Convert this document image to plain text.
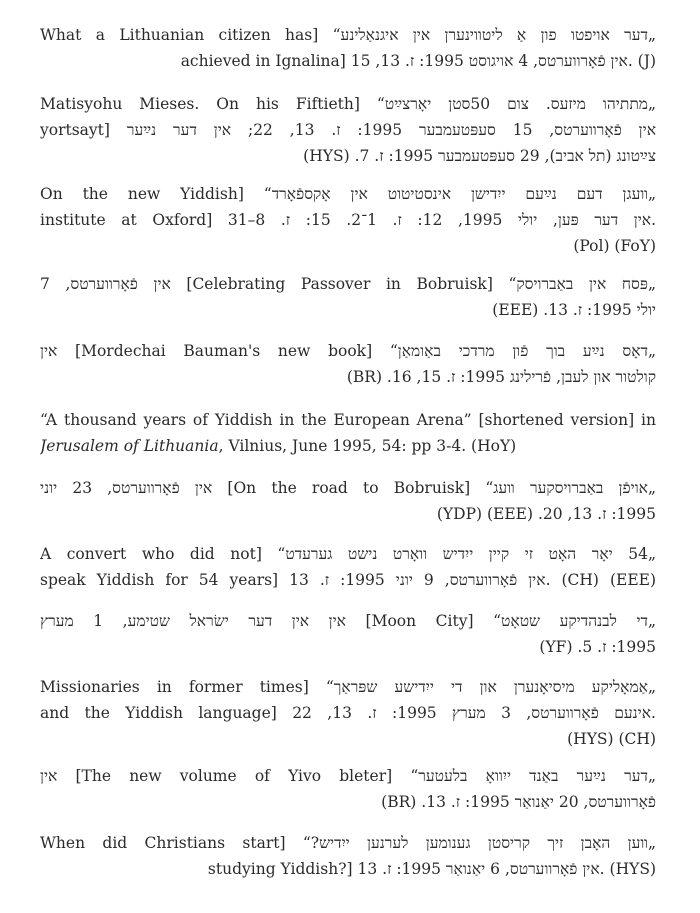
„דער אויפטו פון אַ ליטווינערן אין איגנאַלינע“ [What a Lithuanian citizen has
achieved in Ignalina] אין פֿאָרווערטס, 4 אויגוסט 1995: ז. 13, 15. (J)
„מתתיהו מיזעס. צום 50סטן יאָרצײַט“ [Matisyohu Mieses. On his Fiftieth
yortsayt] אין פֿאָרווערטס, 15 סעפּטעמבער 1995: ז. 13, 22; אין דער נײַער
צײַטונג (תל אביב), 29 סעפּטעמבער 1995: ז. 7. (HYS)
„װעגן דעם נײַעם ייִדישן אינסטיטוט אין אָקספֿאָרד“ [On the new Yiddish
institute at Oxford] אין דער פּען, יולי 1995, 12: ז. 1־2. 15: ז. 8–31.
(Pol) (FoY)
„פּסח אין באַברויסק“ [Celebrating Passover in Bobruisk] אין פֿאָרווערטס, 7
יולי 1995: ז. 13. (EEE)
„דאָס נײַע בוך פֿון מרדכי באַומאַן“ [Mordechai Bauman's new book] אין
קולטור און לעבן, פֿרילינג 1995: ז. 15, 16. (BR)
“A thousand years of Yiddish in the European Arena” [shortened version] in
Jerusalem of Lithuania, Vilnius, June 1995, 54: pp 3-4. (HoY)
„אויפֿן באַברויסקער װעג“ [On the road to Bobruisk] אין פֿאָרווערטס, 23 יוני
1995: ז. 13, 20. (EEE) (YDP)
„54 יאָר האָט זי קיין ייִדיש וואָרט נישט גערעדט“ [A convert who did not
speak Yiddish for 54 years] אין פֿאָרווערטס, 9 יוני 1995: ז. 13. (CH) (EEE)
„די לבנהדיקע שטאָט“ [Moon City] אין אין דער ישׂראל שטימע, 1 מערץ
1995: ז. 5. (YF)
„אַמאָליקע מיסיאָנערן און די ייִדישע שפּראַך“ [Missionaries in former times
and the Yiddish language] אינעם פֿאָרווערטס, 3 מערץ 1995: ז. 13, 22.
(HYS) (CH)
„דער נײַער באַנד ייִוואָ בלעטער“ [The new volume of Yivo bleter] אין
פֿאָרווערטס, 20 יאַנואַר 1995: ז. 13. (BR)
„װען האָבן זיך קריסטן גענומען לערנען ייִדיש?“ [When did Christians start
studying Yiddish?] אין פֿאָרווערטס, 6 יאַנואַר 1995: ז. 13. (HYS)
